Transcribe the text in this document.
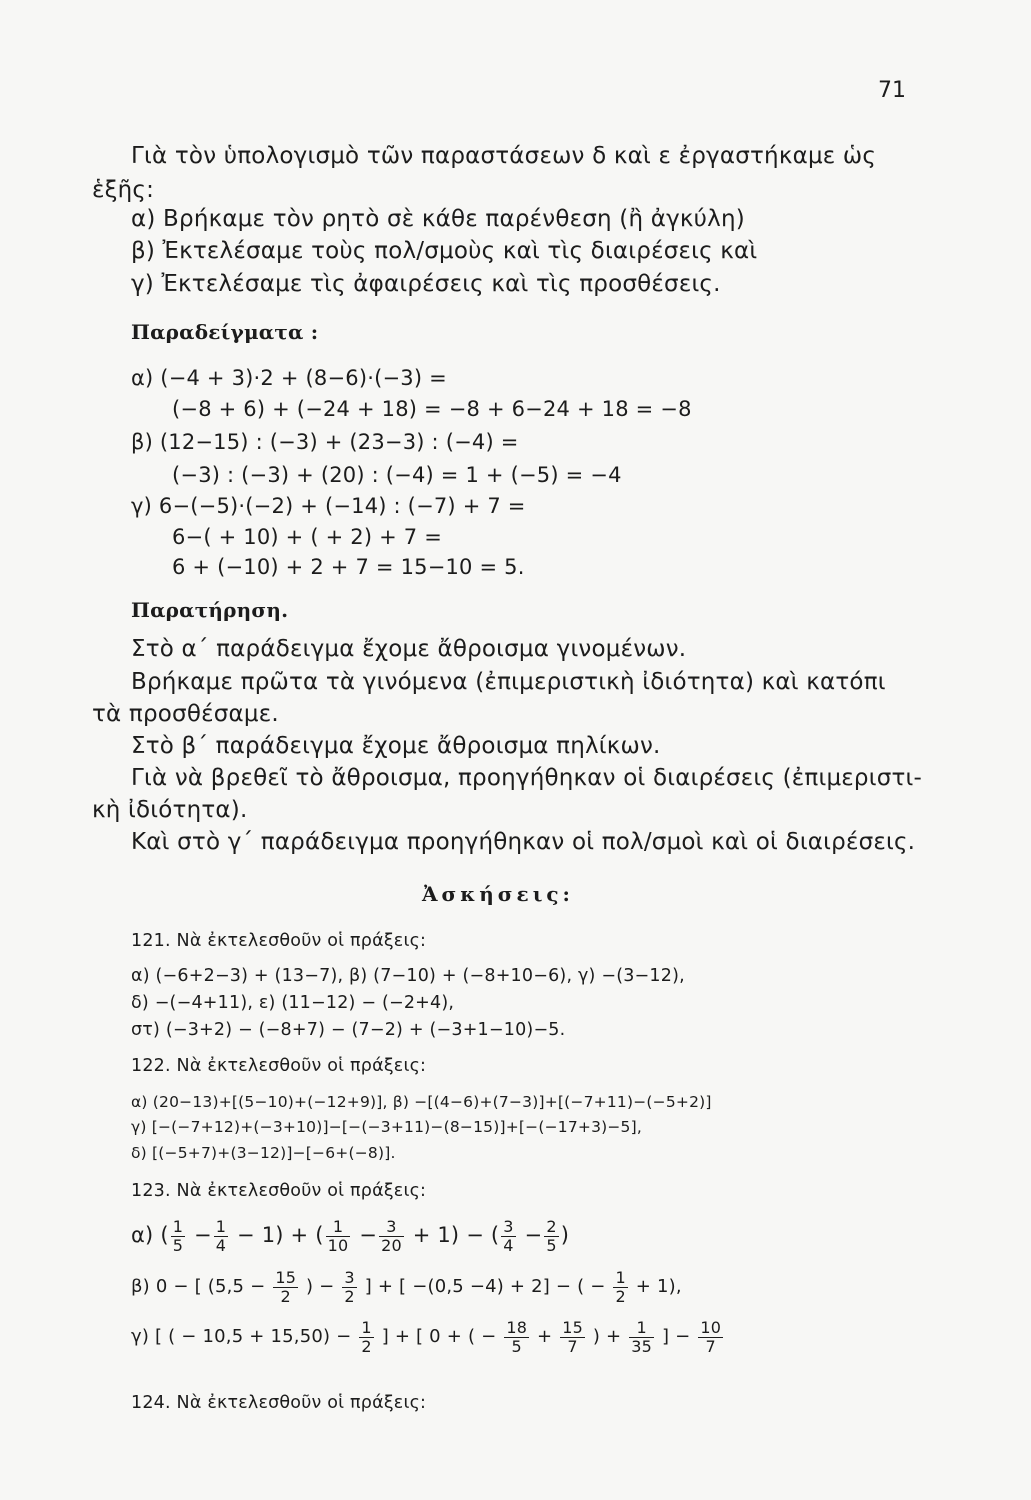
71
Γιὰ τὸν ὑπολογισμὸ τῶν παραστάσεων δ καὶ ε ἐργαστήκαμε ὡς
ἑξῆς:
α) Βρήκαμε τὸν ρητὸ σὲ κάθε παρένθεση (ἢ ἀγκύλη)
β) Ἐκτελέσαμε τοὺς πολ/σμοὺς καὶ τὶς διαιρέσεις καὶ
γ) Ἐκτελέσαμε τὶς ἀφαιρέσεις καὶ τὶς προσθέσεις.
Παραδείγματα :
α) (−4 + 3)·2 + (8−6)·(−3) =
(−8 + 6) + (−24 + 18) = −8 + 6−24 + 18 = −8
β) (12−15) : (−3) + (23−3) : (−4) =
(−3) : (−3) + (20) : (−4) = 1 + (−5) = −4
γ) 6−(−5)·(−2) + (−14) : (−7) + 7 =
6−( + 10) + ( + 2) + 7 =
6 + (−10) + 2 + 7 = 15−10 = 5.
Παρατήρηση.
Στὸ α΄ παράδειγμα ἔχομε ἄθροισμα γινομένων.
Βρήκαμε πρῶτα τὰ γινόμενα (ἐπιμεριστικὴ ἰδιότητα) καὶ κατόπι
τὰ προσθέσαμε.
Στὸ β΄ παράδειγμα ἔχομε ἄθροισμα πηλίκων.
Γιὰ νὰ βρεθεῖ τὸ ἄθροισμα, προηγήθηκαν οἱ διαιρέσεις (ἐπιμεριστι-
κὴ ἰδιότητα).
Καὶ στὸ γ΄ παράδειγμα προηγήθηκαν οἱ πολ/σμοὶ καὶ οἱ διαιρέσεις.
Ἀσκήσεις:
121. Νὰ ἐκτελεσθοῦν οἱ πράξεις:
α) (−6+2−3) + (13−7), β) (7−10) + (−8+10−6), γ) −(3−12),
δ) −(−4+11), ε) (11−12) − (−2+4),
στ) (−3+2) − (−8+7) − (7−2) + (−3+1−10)−5.
122. Νὰ ἐκτελεσθοῦν οἱ πράξεις:
α) (20−13)+[(5−10)+(−12+9)], β) −[(4−6)+(7−3)]+[(−7+11)−(−5+2)]
γ) [−(−7+12)+(−3+10)]−[−(−3+11)−(8−15)]+[−(−17+3)−5],
δ) [(−5+7)+(3−12)]−[−6+(−8)].
123. Νὰ ἐκτελεσθοῦν οἱ πράξεις:
α) ( $\frac{1}{5} - \frac{1}{4} - 1$) + ( $\frac{1}{10} - \frac{3}{20} + 1$) − ( $\frac{3}{4} - \frac{2}{5}$ )
β) 0 − [ ($5,5 - \frac{15}{2}$ ) − $\frac{3}{2}$ ] + [ −(0,5 −4) + 2] − ( − $\frac{1}{2} + 1$),
γ) [ ( − $10,5 + 15,50) - \frac{1}{2}$ ] + [ 0 + ( − $\frac{18}{5} + \frac{15}{7}$ ) + $\frac{1}{35}$ ] − $\frac{10}{7}$
124. Νὰ ἐκτελεσθοῦν οἱ πράξεις:
